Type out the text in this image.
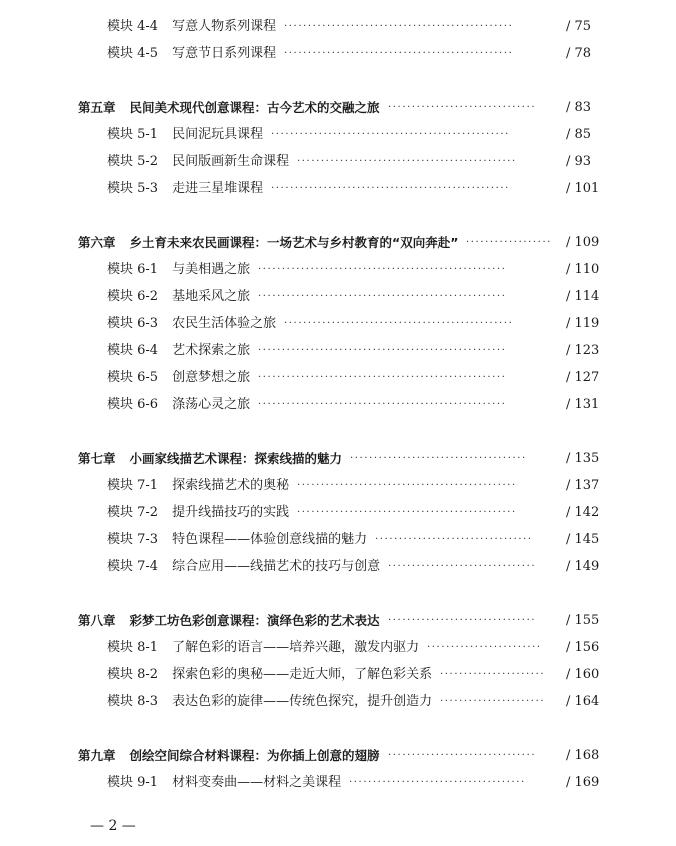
模块 4-4 写意人物系列课程 ················································	/ 75
模块 4-5 写意节日系列课程 ················································	/ 78
第五章 民间美术现代创意课程：古今艺术的交融之旅 ·······························	/ 83
模块 5-1 民间泥玩具课程 ··················································	/ 85
模块 5-2 民间版画新生命课程 ··············································	/ 93
模块 5-3 走进三星堆课程 ··················································	/ 101
第六章 乡土育未来农民画课程：一场艺术与乡村教育的“双向奔赴” ··················	/ 109
模块 6-1 与美相遇之旅 ····················································	/ 110
模块 6-2 基地采风之旅 ····················································	/ 114
模块 6-3 农民生活体验之旅 ················································	/ 119
模块 6-4 艺术探索之旅 ····················································	/ 123
模块 6-5 创意梦想之旅 ····················································	/ 127
模块 6-6 涤荡心灵之旅 ····················································	/ 131
第七章 小画家线描艺术课程：探索线描的魅力 ·····································	/ 135
模块 7-1 探索线描艺术的奥秘 ··············································	/ 137
模块 7-2 提升线描技巧的实践 ··············································	/ 142
模块 7-3 特色课程——体验创意线描的魅力 ·································	/ 145
模块 7-4 综合应用——线描艺术的技巧与创意 ·······························	/ 149
第八章 彩梦工坊色彩创意课程：演绎色彩的艺术表达 ·······························	/ 155
模块 8-1 了解色彩的语言——培养兴趣，激发内驱力 ························	/ 156
模块 8-2 探索色彩的奥秘——走近大师，了解色彩关系 ······················	/ 160
模块 8-3 表达色彩的旋律——传统色探究，提升创造力 ······················	/ 164
第九章 创绘空间综合材料课程：为你插上创意的翅膀 ·······························	/ 168
模块 9-1 材料变奏曲——材料之美课程 ·····································	/ 169
— 2 —
